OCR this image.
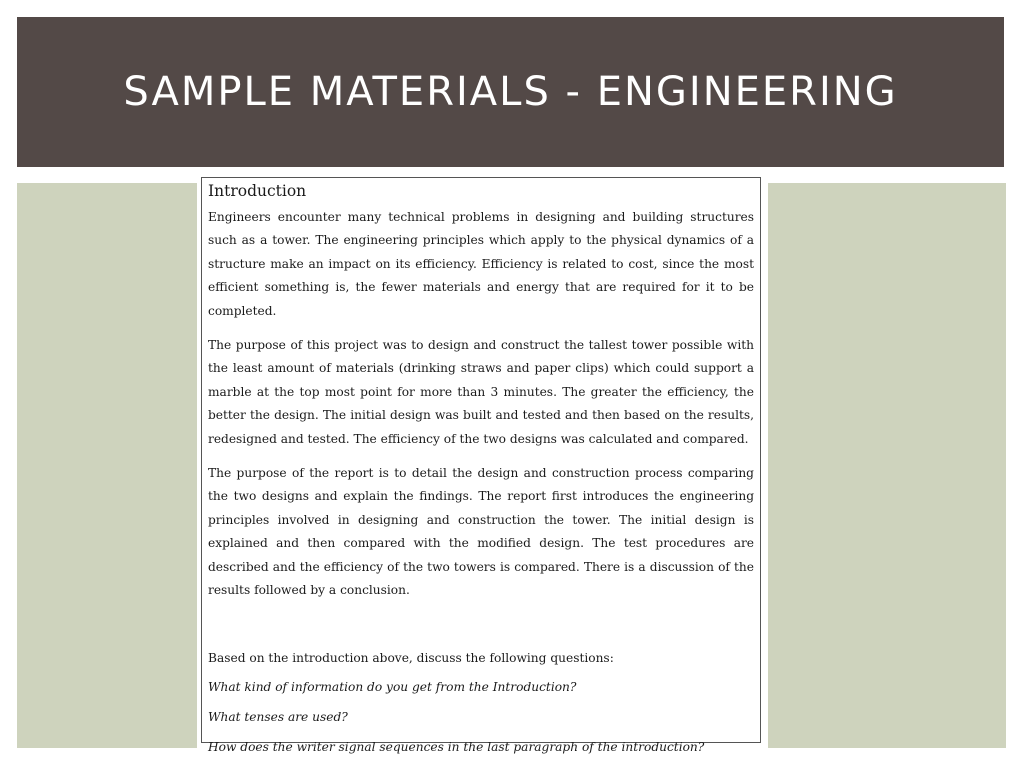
SAMPLE MATERIALS - ENGINEERING
Introduction

Engineers encounter many technical problems in designing and building structures such as a tower. The engineering principles which apply to the physical dynamics of a structure make an impact on its efficiency. Efficiency is related to cost, since the most efficient something is, the fewer materials and energy that are required for it to be completed.

The purpose of this project was to design and construct the tallest tower possible with the least amount of materials (drinking straws and paper clips) which could support a marble at the top most point for more than 3 minutes. The greater the efficiency, the better the design. The initial design was built and tested and then based on the results, redesigned and tested. The efficiency of the two designs was calculated and compared.

The purpose of the report is to detail the design and construction process comparing the two designs and explain the findings. The report first introduces the engineering principles involved in designing and construction the tower. The initial design is explained and then compared with the modified design. The test procedures are described and the efficiency of the two towers is compared. There is a discussion of the results followed by a conclusion.

Based on the introduction above, discuss the following questions:

What kind of information do you get from the Introduction?

What tenses are used?

How does the writer signal sequences in the last paragraph of the introduction?
